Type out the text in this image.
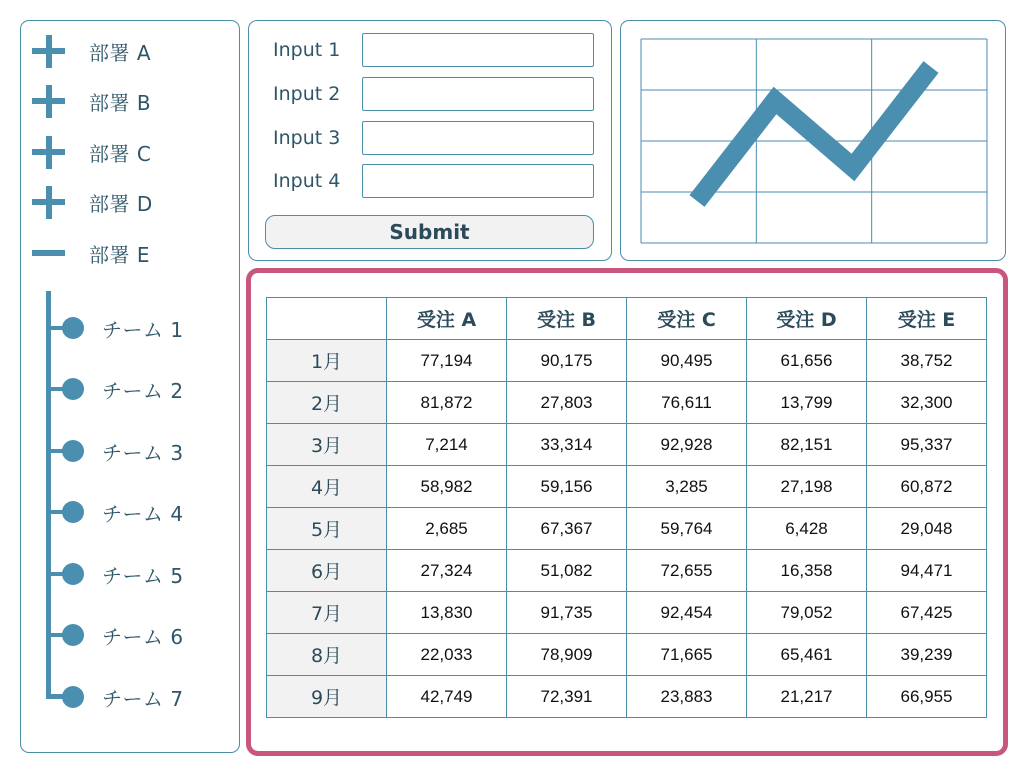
部署 A
部署 B
部署 C
部署 D
部署 E
チーム 1
チーム 2
チーム 3
チーム 4
チーム 5
チーム 6
チーム 7
Input 1
Input 2
Input 3
Input 4
Submit
	受注 A	受注 B	受注 C	受注 D	受注 E
1月	77,194	90,175	90,495	61,656	38,752
2月	81,872	27,803	76,611	13,799	32,300
3月	7,214	33,314	92,928	82,151	95,337
4月	58,982	59,156	3,285	27,198	60,872
5月	2,685	67,367	59,764	6,428	29,048
6月	27,324	51,082	72,655	16,358	94,471
7月	13,830	91,735	92,454	79,052	67,425
8月	22,033	78,909	71,665	65,461	39,239
9月	42,749	72,391	23,883	21,217	66,955
